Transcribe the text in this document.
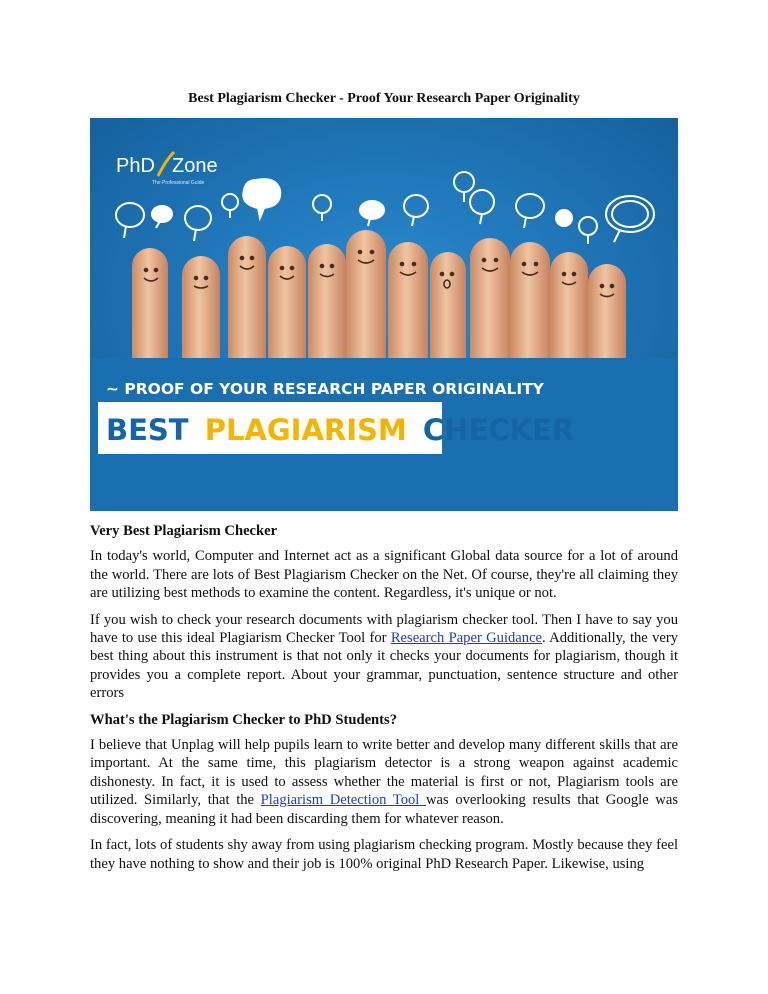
Best Plagiarism Checker - Proof Your Research Paper Originality
PhD Zone
The Professional Guide
~ PROOF OF YOUR RESEARCH PAPER ORIGINALITY
BEST PLAGIARISM CHECKER
Very Best Plagiarism Checker

In today's world, Computer and Internet act as a significant Global data source for a lot of around the world. There are lots of Best Plagiarism Checker on the Net. Of course, they're all claiming they are utilizing best methods to examine the content. Regardless, it's unique or not.

If you wish to check your research documents with plagiarism checker tool. Then I have to say you have to use this ideal Plagiarism Checker Tool for Research Paper Guidance. Additionally, the very best thing about this instrument is that not only it checks your documents for plagiarism, though it provides you a complete report. About your grammar, punctuation, sentence structure and other errors

What's the Plagiarism Checker to PhD Students?

I believe that Unplag will help pupils learn to write better and develop many different skills that are important. At the same time, this plagiarism detector is a strong weapon against academic dishonesty. In fact, it is used to assess whether the material is first or not, Plagiarism tools are utilized. Similarly, that the Plagiarism Detection Tool was overlooking results that Google was discovering, meaning it had been discarding them for whatever reason.

In fact, lots of students shy away from using plagiarism checking program. Mostly because they feel they have nothing to show and their job is 100% original PhD Research Paper. Likewise, using
